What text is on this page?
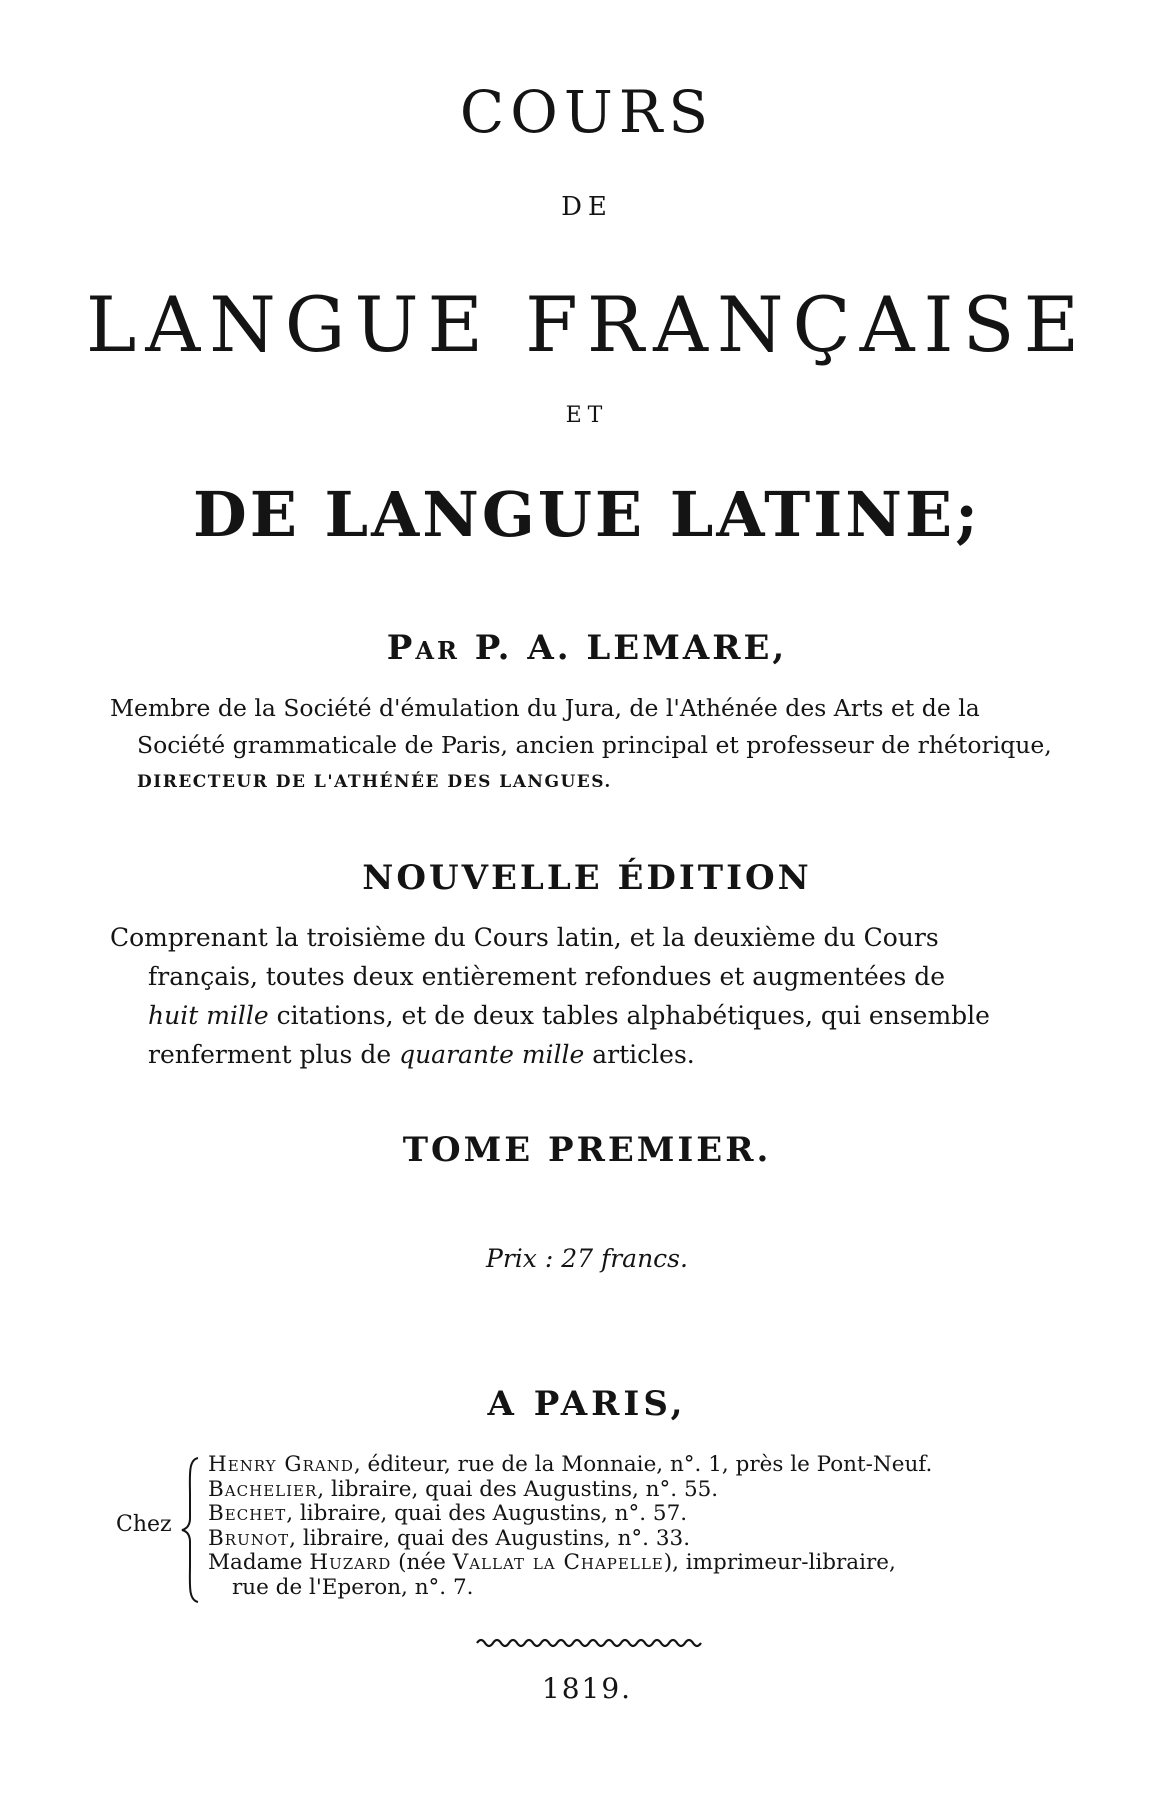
COURS
DE
LANGUE FRANÇAISE
ET
DE LANGUE LATINE;
Par P. A. LEMARE,
Membre de la Société d'émulation du Jura, de l'Athénée des Arts et de la
Société grammaticale de Paris, ancien principal et professeur de rhétorique,
DIRECTEUR DE L'ATHÉNÉE DES LANGUES.
NOUVELLE ÉDITION
Comprenant la troisième du Cours latin, et la deuxième du Cours
français, toutes deux entièrement refondues et augmentées de
huit mille citations, et de deux tables alphabétiques, qui ensemble
renferment plus de quarante mille articles.
TOME PREMIER.
Prix : 27 francs.
A PARIS,
Chez
Henry Grand, éditeur, rue de la Monnaie, n°. 1, près le Pont-Neuf.
Bachelier, libraire, quai des Augustins, n°. 55.
Bechet, libraire, quai des Augustins, n°. 57.
Brunot, libraire, quai des Augustins, n°. 33.
Madame Huzard (née Vallat la Chapelle), imprimeur-libraire,
rue de l'Eperon, n°. 7.
1819.
